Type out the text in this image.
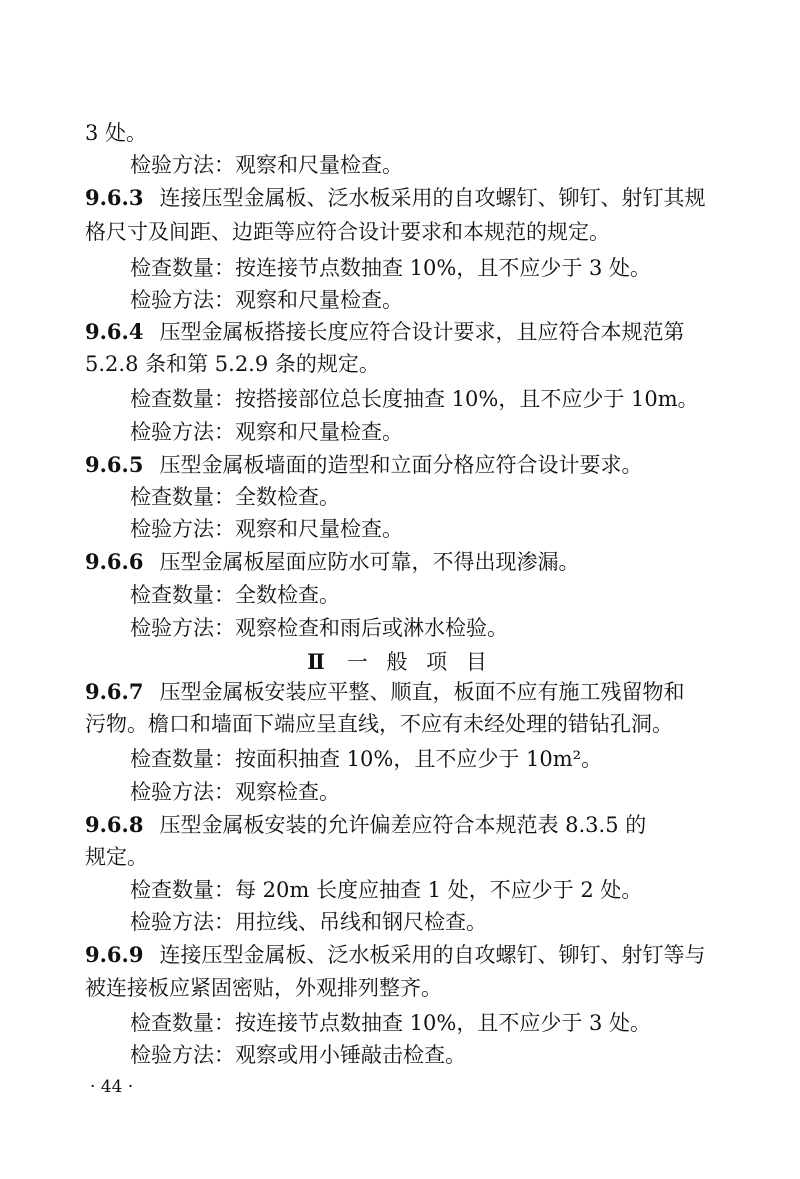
3 处。
检验方法：观察和尺量检查。
9.6.3 连接压型金属板、泛水板采用的自攻螺钉、铆钉、射钉其规
格尺寸及间距、边距等应符合设计要求和本规范的规定。
检查数量：按连接节点数抽查 10%，且不应少于 3 处。
检验方法：观察和尺量检查。
9.6.4 压型金属板搭接长度应符合设计要求，且应符合本规范第
5.2.8 条和第 5.2.9 条的规定。
检查数量：按搭接部位总长度抽查 10%，且不应少于 10m。
检验方法：观察和尺量检查。
9.6.5 压型金属板墙面的造型和立面分格应符合设计要求。
检查数量：全数检查。
检验方法：观察和尺量检查。
9.6.6 压型金属板屋面应防水可靠，不得出现渗漏。
检查数量：全数检查。
检验方法：观察检查和雨后或淋水检验。
Ⅱ 一 般 项 目
9.6.7 压型金属板安装应平整、顺直，板面不应有施工残留物和
污物。檐口和墙面下端应呈直线，不应有未经处理的错钻孔洞。
检查数量：按面积抽查 10%，且不应少于 10m²。
检验方法：观察检查。
9.6.8 压型金属板安装的允许偏差应符合本规范表 8.3.5 的
规定。
检查数量：每 20m 长度应抽查 1 处，不应少于 2 处。
检验方法：用拉线、吊线和钢尺检查。
9.6.9 连接压型金属板、泛水板采用的自攻螺钉、铆钉、射钉等与
被连接板应紧固密贴，外观排列整齐。
检查数量：按连接节点数抽查 10%，且不应少于 3 处。
检验方法：观察或用小锤敲击检查。
· 44 ·
